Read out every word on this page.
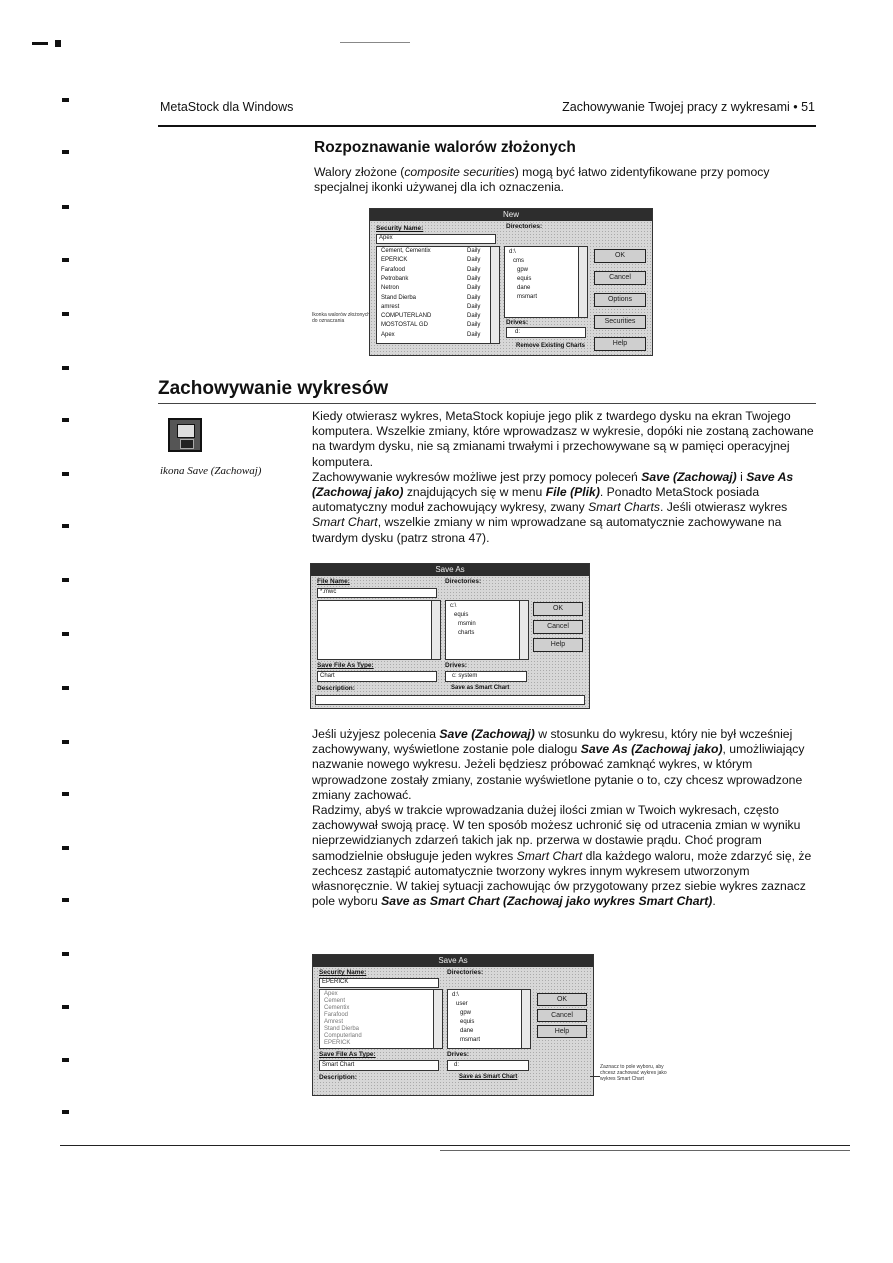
MetaStock dla Windows	Zachowywanie Twojej pracy z wykresami • 51
Rozpoznawanie walorów złożonych

Walory złożone (composite securities) mogą być łatwo zidentyfikowane przy pomocy specjalnej ikonki używanej dla ich oznaczenia.

New
Security Name:
Apex
Directories:
Cement, Cementix	Daily
EPERICK	Daily
Farafood	Daily
Petrobank	Daily
Netron	Daily
Stand Dierba	Daily
amrest	Daily
COMPUTERLAND	Daily
MOSTOSTAL GD	Daily
Apex	Daily
d:\
cms
gpw
equis
dane
msmart
Drives:
d:
Remove Existing Charts
OK
Cancel
Options
Securities
Help
Ikonka walorów złożonych do oznaczania
Zachowywanie wykresów
ikona Save (Zachowaj)

Kiedy otwierasz wykres, MetaStock kopiuje jego plik z twardego dysku na ekran Twojego komputera. Wszelkie zmiany, które wprowadzasz w wykresie, dopóki nie zostaną zachowane na twardym dysku, nie są zmianami trwałymi i przechowywane są w pamięci operacyjnej komputera.

Zachowywanie wykresów możliwe jest przy pomocy poleceń Save (Zachowaj) i Save As (Zachowaj jako) znajdujących się w menu File (Plik). Ponadto MetaStock posiada automatyczny moduł zachowujący wykresy, zwany Smart Charts. Jeśli otwierasz wykres Smart Chart, wszelkie zmiany w nim wprowadzane są automatycznie zachowywane na twardym dysku (patrz strona 47).

Save As
File Name:
*.mwc
Directories:
c:\
equis
msmin
charts
Save File As Type:
Chart
Drives:
c: system
Description:	Save as Smart Chart
OK
Cancel
Help

Jeśli użyjesz polecenia Save (Zachowaj) w stosunku do wykresu, który nie był wcześniej zachowywany, wyświetlone zostanie pole dialogu Save As (Zachowaj jako), umożliwiający nazwanie nowego wykresu. Jeżeli będziesz próbować zamknąć wykres, w którym wprowadzone zostały zmiany, zostanie wyświetlone pytanie o to, czy chcesz wprowadzone zmiany zachować.

Radzimy, abyś w trakcie wprowadzania dużej ilości zmian w Twoich wykresach, często zachowywał swoją pracę. W ten sposób możesz uchronić się od utracenia zmian w wyniku nieprzewidzianych zdarzeń takich jak np. przerwa w dostawie prądu. Choć program samodzielnie obsługuje jeden wykres Smart Chart dla każdego waloru, może zdarzyć się, że zechcesz zastąpić automatycznie tworzony wykres innym wykresem utworzonym własnoręcznie. W takiej sytuacji zachowując ów przygotowany przez siebie wykres zaznacz pole wyboru Save as Smart Chart (Zachowaj jako wykres Smart Chart).

Save As
Security Name:
EPERICK
Directories:
Apex
Cement
Cementix
Farafood
Amrest
Stand Dierba
Computerland
EPERICK
d:\
user
gpw
equis
dane
msmart
Save File As Type:
Smart Chart
Drives:
d:
Description:	Save as Smart Chart
OK
Cancel
Help
Zaznacz to pole wyboru, aby chcesz zachować wykres jako wykres Smart Chart
